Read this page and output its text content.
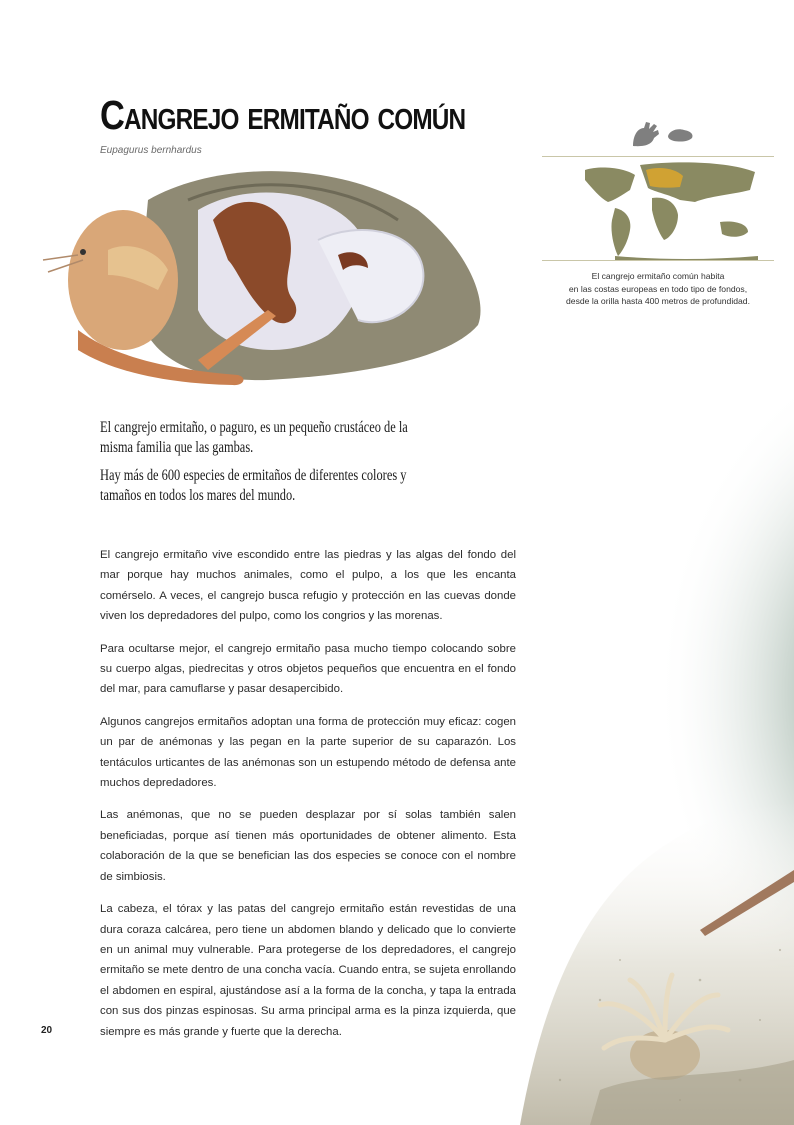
Cangrejo ermitaño común

Eupagurus bernhardus

El cangrejo ermitaño común habita
en las costas europeas en todo tipo de fondos,
desde la orilla hasta 400 metros de profundidad.

El cangrejo ermitaño, o paguro, es un pequeño crustáceo de la misma familia que las gambas.

Hay más de 600 especies de ermitaños de diferentes colores y tamaños en todos los mares del mundo.

El cangrejo ermitaño vive escondido entre las piedras y las algas del fondo del mar porque hay muchos animales, como el pulpo, a los que les encanta comérselo. A veces, el cangrejo busca refugio y protección en las cuevas donde viven los depredadores del pulpo, como los congrios y las morenas.

Para ocultarse mejor, el cangrejo ermitaño pasa mucho tiempo colocando sobre su cuerpo algas, piedrecitas y otros objetos pequeños que encuentra en el fondo del mar, para camuflarse y pasar desapercibido.

Algunos cangrejos ermitaños adoptan una forma de protección muy eficaz: cogen un par de anémonas y las pegan en la parte superior de su caparazón. Los tentáculos urticantes de las anémonas son un estupendo método de defensa ante muchos depredadores.

Las anémonas, que no se pueden desplazar por sí solas también salen beneficiadas, porque así tienen más oportunidades de obtener alimento. Esta colaboración de la que se benefician las dos especies se conoce con el nombre de simbiosis.

La cabeza, el tórax y las patas del cangrejo ermitaño están revestidas de una dura coraza calcárea, pero tiene un abdomen blando y delicado que lo convierte en un animal muy vulnerable. Para protegerse de los depredadores, el cangrejo ermitaño se mete dentro de una concha vacía. Cuando entra, se sujeta enrollando el abdomen en espiral, ajustándose así a la forma de la concha, y tapa la entrada con sus dos pinzas espinosas. Su arma principal arma es la pinza izquierda, que siempre es más grande y fuerte que la derecha.

20
